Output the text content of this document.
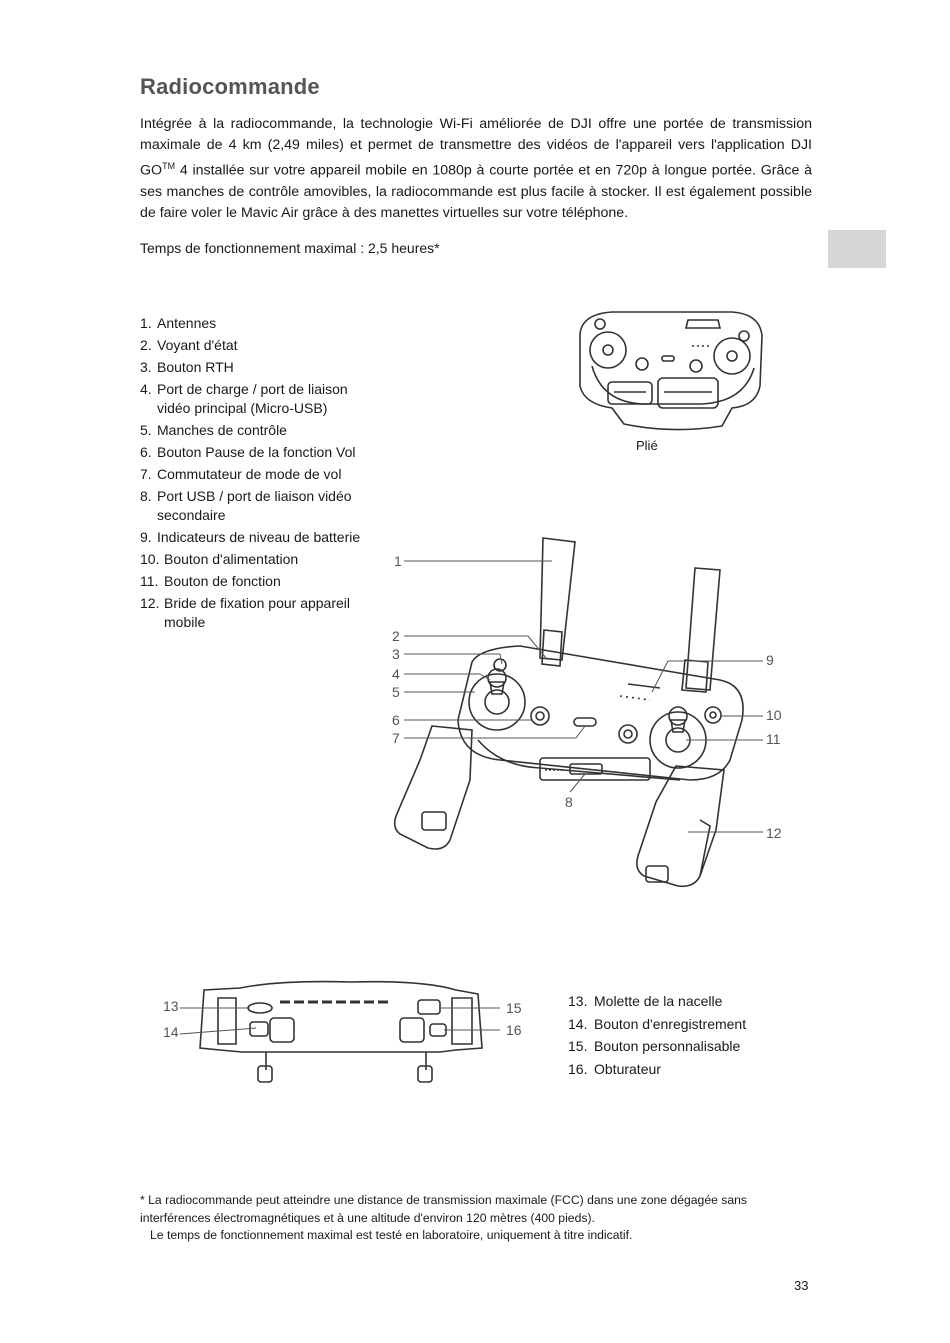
Radiocommande

Intégrée à la radiocommande, la technologie Wi-Fi améliorée de DJI offre une portée de transmission maximale de 4 km (2,49 miles) et permet de transmettre des vidéos de l'appareil vers l'application DJI GO™ 4 installée sur votre appareil mobile en 1080p à courte portée et en 720p à longue portée. Grâce à ses manches de contrôle amovibles, la radiocommande est plus facile à stocker. Il est également possible de faire voler le Mavic Air grâce à des manettes virtuelles sur votre téléphone.

Temps de fonctionnement maximal : 2,5 heures*
1. Antennes
2. Voyant d'état
3. Bouton RTH
4. Port de charge / port de liaison vidéo principal (Micro-USB)
5. Manches de contrôle
6. Bouton Pause de la fonction Vol
7. Commutateur de mode de vol
8. Port USB / port de liaison vidéo secondaire
9. Indicateurs de niveau de batterie
10. Bouton d'alimentation
11. Bouton de fonction
12. Bride de fixation pour appareil mobile
Plié
1
2
3
4
5
6
7
8
9
10
11
12
13
14
15
16
13. Molette de la nacelle
14. Bouton d'enregistrement
15. Bouton personnalisable
16. Obturateur

* La radiocommande peut atteindre une distance de transmission maximale (FCC) dans une zone dégagée sans interférences électromagnétiques et à une altitude d'environ 120 mètres (400 pieds).

Le temps de fonctionnement maximal est testé en laboratoire, uniquement à titre indicatif.

33
